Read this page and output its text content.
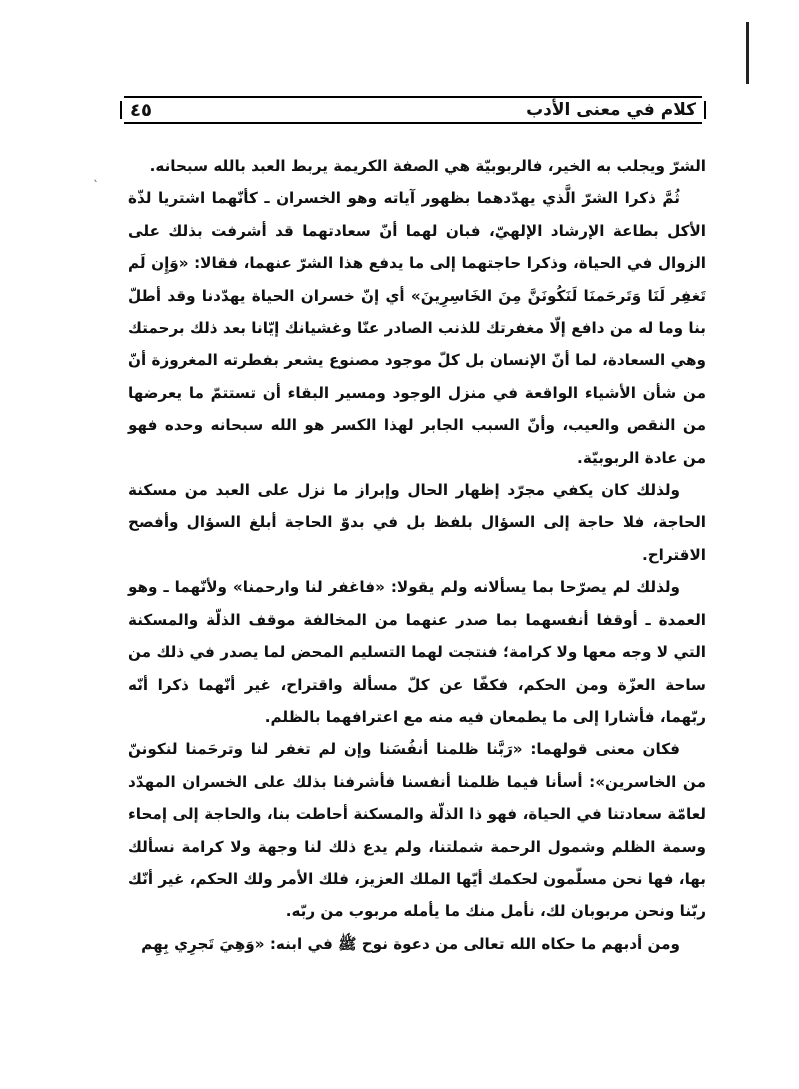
ˎ
كلام في معنى الأدب
٤٥

الشرّ ويجلب به الخير، فالربوبيّة هي الصفة الكريمة يربط العبد بالله سبحانه.

ثُمَّ ذكرا الشرّ الَّذي يهدّدهما بظهور آياته وهو الخسران ـ كأنّهما اشتريا لذّة الأكل بطاعة الإرشاد الإلهيّ، فبان لهما أنّ سعادتهما قد أشرفت بذلك على الزوال في الحياة، وذكرا حاجتهما إلى ما يدفع هذا الشرّ عنهما، فقالا: «وَإِن لَم تَغفِر لَنَا وَتَرحَمنَا لَنَكُونَنَّ مِنَ الخَاسِرِينَ» أي إنّ خسران الحياة يهدّدنا وقد أطلّ بنا وما له من دافع إلّا مغفرتك للذنب الصادر عنّا وغشيانك إيّانا بعد ذلك برحمتك وهي السعادة، لما أنّ الإنسان بل كلّ موجود مصنوع يشعر بفطرته المغروزة أنّ من شأن الأشياء الواقعة في منزل الوجود ومسير البقاء أن تستتمّ ما يعرضها من النقص والعيب، وأنّ السبب الجابر لهذا الكسر هو الله سبحانه وحده فهو من عادة الربوبيّة.

ولذلك كان يكفي مجرّد إظهار الحال وإبراز ما نزل على العبد من مسكنة الحاجة، فلا حاجة إلى السؤال بلفظ بل في بدوّ الحاجة أبلغ السؤال وأفصح الاقتراح.

ولذلك لم يصرّحا بما يسألانه ولم يقولا: «فاغفر لنا وارحمنا» ولأنّهما ـ وهو العمدة ـ أوقفا أنفسهما بما صدر عنهما من المخالفة موقف الذلّة والمسكنة التي لا وجه معها ولا كرامة؛ فنتجت لهما التسليم المحض لما يصدر في ذلك من ساحة العزّة ومن الحكم، فكفّا عن كلّ مسألة واقتراح، غير أنّهما ذكرا أنّه ربّهما، فأشارا إلى ما يطمعان فيه منه مع اعترافهما بالظلم.

فكان معنى قولهما: «رَبَّنا ظلمنا أنفُسَنا وإن لم تغفر لنا وترحَمنا لنكوننّ من الخاسرين»: أسأنا فيما ظلمنا أنفسنا فأشرفنا بذلك على الخسران المهدّد لعامّة سعادتنا في الحياة، فهو ذا الذلّة والمسكنة أحاطت بنا، والحاجة إلى إمحاء وسمة الظلم وشمول الرحمة شملتنا، ولم يدع ذلك لنا وجهة ولا كرامة نسألك بها، فها نحن مسلّمون لحكمك أيّها الملك العزيز، فلك الأمر ولك الحكم، غير أنّك ربّنا ونحن مربوبان لك، نأمل منك ما يأمله مربوب من ربّه.

ومن أدبهم ما حكاه الله تعالى من دعوة نوح ﷺ في ابنه: «وَهِيَ تَجرِي بِهِم
